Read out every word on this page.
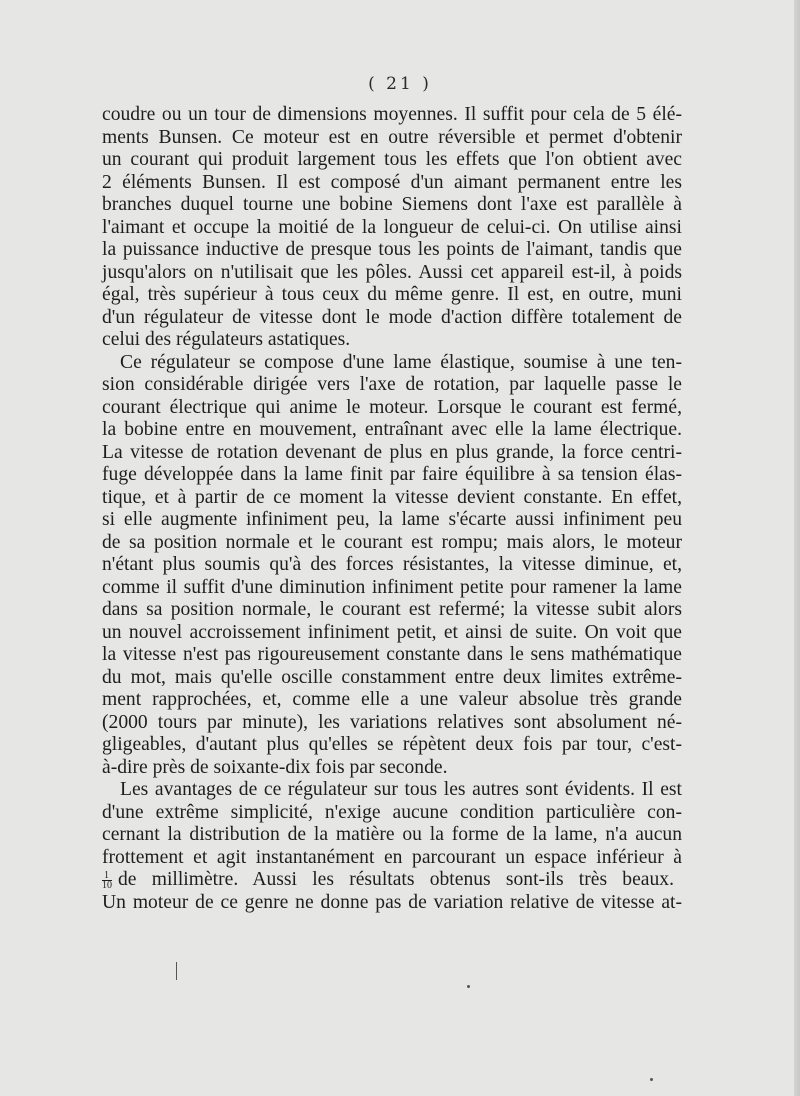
( 21 )
coudre ou un tour de dimensions moyennes. Il suffit pour cela de 5 élé-
ments Bunsen. Ce moteur est en outre réversible et permet d'obtenir
un courant qui produit largement tous les effets que l'on obtient avec
2 éléments Bunsen. Il est composé d'un aimant permanent entre les
branches duquel tourne une bobine Siemens dont l'axe est parallèle à
l'aimant et occupe la moitié de la longueur de celui-ci. On utilise ainsi
la puissance inductive de presque tous les points de l'aimant, tandis que
jusqu'alors on n'utilisait que les pôles. Aussi cet appareil est-il, à poids
égal, très supérieur à tous ceux du même genre. Il est, en outre, muni
d'un régulateur de vitesse dont le mode d'action diffère totalement de
celui des régulateurs astatiques.
Ce régulateur se compose d'une lame élastique, soumise à une ten-
sion considérable dirigée vers l'axe de rotation, par laquelle passe le
courant électrique qui anime le moteur. Lorsque le courant est fermé,
la bobine entre en mouvement, entraînant avec elle la lame électrique.
La vitesse de rotation devenant de plus en plus grande, la force centri-
fuge développée dans la lame finit par faire équilibre à sa tension élas-
tique, et à partir de ce moment la vitesse devient constante. En effet,
si elle augmente infiniment peu, la lame s'écarte aussi infiniment peu
de sa position normale et le courant est rompu; mais alors, le moteur
n'étant plus soumis qu'à des forces résistantes, la vitesse diminue, et,
comme il suffit d'une diminution infiniment petite pour ramener la lame
dans sa position normale, le courant est refermé; la vitesse subit alors
un nouvel accroissement infiniment petit, et ainsi de suite. On voit que
la vitesse n'est pas rigoureusement constante dans le sens mathématique
du mot, mais qu'elle oscille constamment entre deux limites extrême-
ment rapprochées, et, comme elle a une valeur absolue très grande
(2000 tours par minute), les variations relatives sont absolument né-
gligeables, d'autant plus qu'elles se répètent deux fois par tour, c'est-
à-dire près de soixante-dix fois par seconde.
Les avantages de ce régulateur sur tous les autres sont évidents. Il est
d'une extrême simplicité, n'exige aucune condition particulière con-
cernant la distribution de la matière ou la forme de la lame, n'a aucun
frottement et agit instantanément en parcourant un espace inférieur à
$\frac{1}{10}$ de millimètre. Aussi les résultats obtenus sont-ils très beaux.
Un moteur de ce genre ne donne pas de variation relative de vitesse at-
